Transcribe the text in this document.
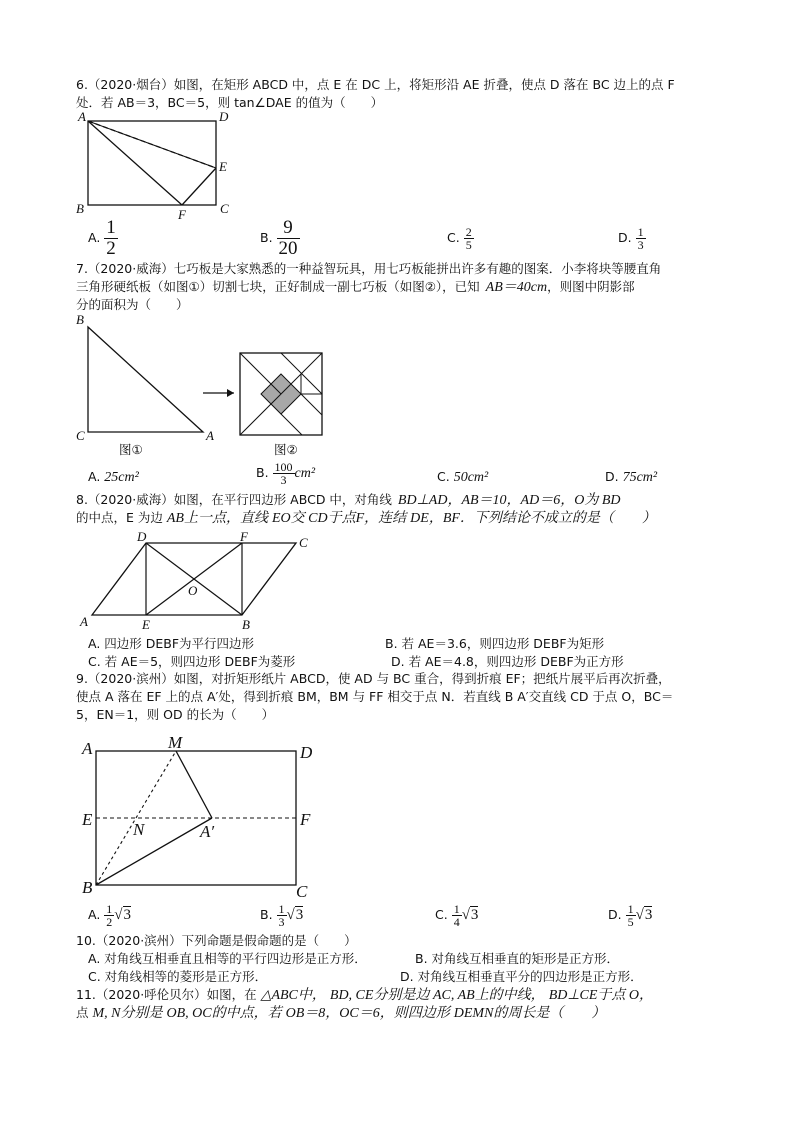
6.（2020·烟台）如图，在矩形 ABCD 中，点 E 在 DC 上，将矩形沿 AE 折叠，使点 D 落在 BC 边上的点 F
处．若 AB＝3，BC＝5，则 tan∠DAE 的值为（　　）
A	D
E
B	F	C
A. $\frac{1}{2}$	B. $\frac{9}{20}$	C. $\frac{2}{5}$	D. $\frac{1}{3}$
7.（2020·威海）七巧板是大家熟悉的一种益智玩具，用七巧板能拼出许多有趣的图案．小李将块等腰直角
三角形硬纸板（如图①）切割七块，正好制成一副七巧板（如图②），已知 AB＝40cm，则图中阴影部
分的面积为（　　）
B
C	A
图①	图②
A. 25cm²	B. $\frac{100}{3} cm^2$	C. 50cm²	D. 75cm²
8.（2020·威海）如图，在平行四边形 ABCD 中，对角线 BD⊥AD，AB＝10，AD＝6，O为 BD
的中点，E 为边 AB上一点，直线 EO交 CD于点F，连结 DE，BF．下列结论不成立的是（　　）
D	F	C
O
A	E	B
A. 四边形 DEBF为平行四边形	B. 若 AE＝3.6，则四边形 DEBF为矩形
C. 若 AE＝5，则四边形 DEBF为菱形	D. 若 AE＝4.8，则四边形 DEBF为正方形
9.（2020·滨州）如图，对折矩形纸片 ABCD，使 AD 与 BC 重合，得到折痕 EF；把纸片展平后再次折叠，
使点 A 落在 EF 上的点 A′处，得到折痕 BM，BM 与 FF 相交于点 N．若直线 B A′交直线 CD 于点 O，BC＝
5，EN＝1，则 OD 的长为（　　）
A	M
D
E
N	A′
F
B	C
A. $\frac{1}{2} √3$	B. $\frac{1}{3} √3$	C. $\frac{1}{4} √3$	D. $\frac{1}{5} √3$
10.（2020·滨州）下列命题是假命题的是（　　）
A. 对角线互相垂直且相等的平行四边形是正方形．	B. 对角线互相垂直的矩形是正方形．
C. 对角线相等的菱形是正方形．	D. 对角线互相垂直平分的四边形是正方形．
11.（2020·呼伦贝尔）如图，在 △ABC中， BD, CE分别是边 AC, AB上的中线， BD⊥CE于点 O，
点 M, N分别是 OB, OC的中点，若 OB＝8，OC＝6，则四边形 DEMN的周长是（　　）
